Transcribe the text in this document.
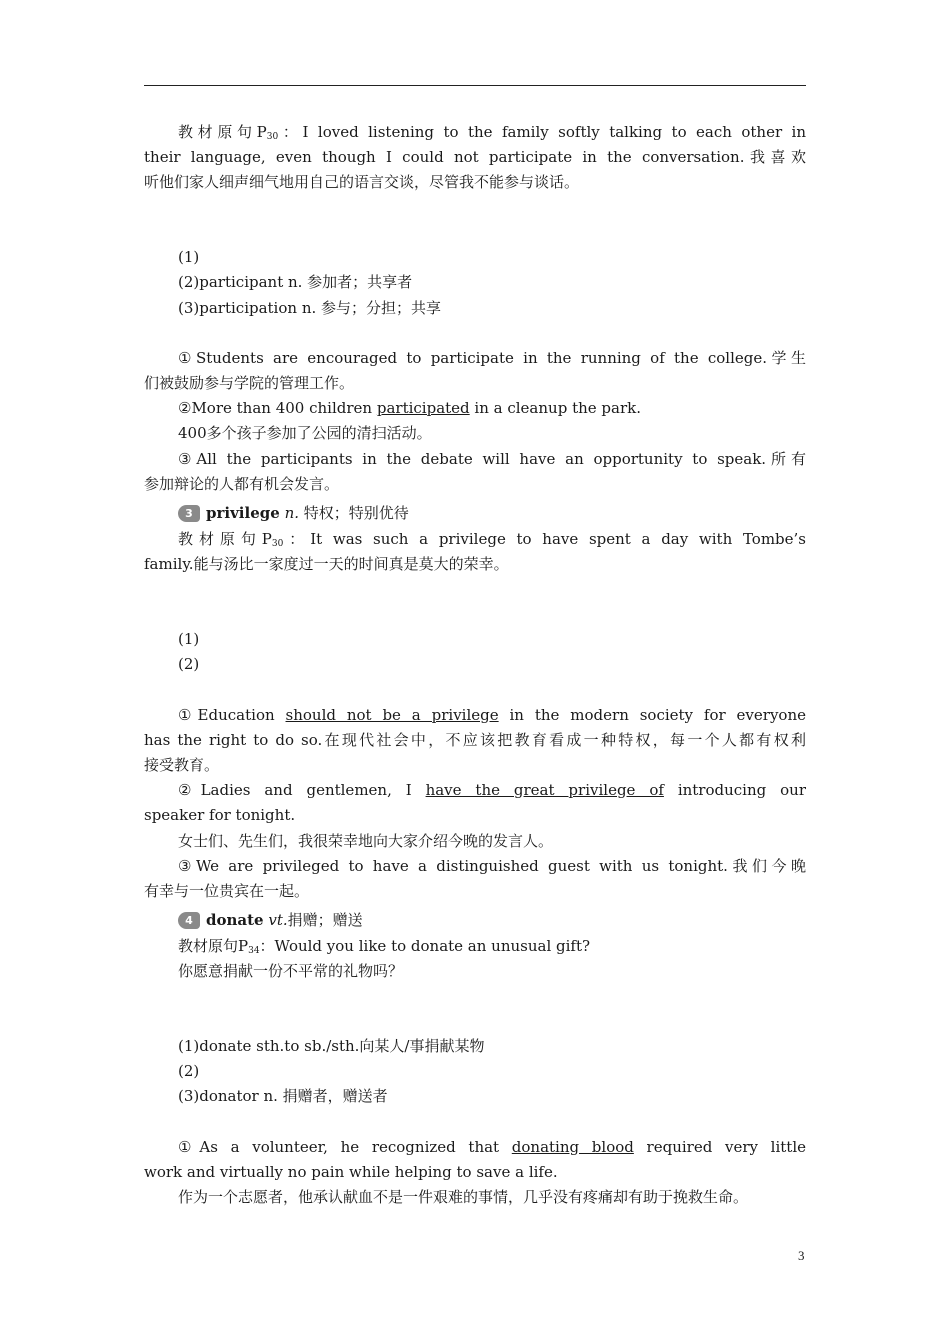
教材原句$P_{30}$：I loved listening to the family softly talking to each other in
their language, even though I could not participate in the conversation.我喜欢
听他们家人细声细气地用自己的语言交谈，尽管我不能参与谈话。
(1)
(2)participant n. 参加者；共享者
(3)participation n. 参与；分担；共享
①Students are encouraged to participate in the running of the college.学生
们被鼓励参与学院的管理工作。
②More than 400 children participated in a cleanup the park.
400多个孩子参加了公园的清扫活动。
③All the participants in the debate will have an opportunity to speak.所有
参加辩论的人都有机会发言。
3 privilege n. 特权；特别优待
教材原句$P_{30}$：It was such a privilege to have spent a day with Tombe’s
family.能与汤比一家度过一天的时间真是莫大的荣幸。
(1)
(2)
①Education should not be a privilege in the modern society for everyone
has the right to do so.在现代社会中，不应该把教育看成一种特权，每一个人都有权利
接受教育。
②Ladies and gentlemen, I have the great privilege of introducing our
speaker for tonight.
女士们、先生们，我很荣幸地向大家介绍今晚的发言人。
③We are privileged to have a distinguished guest with us tonight.我们今晚
有幸与一位贵宾在一起。
4 donate vt.捐赠；赠送
教材原句$P_{34}$：Would you like to donate an unusual gift?
你愿意捐献一份不平常的礼物吗？
(1)donate sth.to sb./sth.向某人/事捐献某物
(2)
(3)donator n. 捐赠者，赠送者
①As a volunteer, he recognized that donating blood required very little
work and virtually no pain while helping to save a life.
作为一个志愿者，他承认献血不是一件艰难的事情，几乎没有疼痛却有助于挽救生命。
3
